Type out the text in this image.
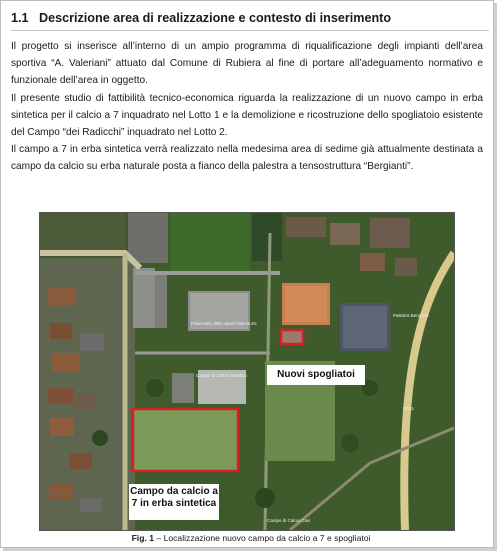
1.1 Descrizione area di realizzazione e contesto di inserimento

Il progetto si inserisce all’interno di un ampio programma di riqualificazione degli impianti dell’area sportiva “A. Valeriani” attuato dal Comune di Rubiera al fine di portare all’adeguamento normativo e funzionale dell’area in oggetto.

Il presente studio di fattibilità tecnico-economica riguarda la realizzazione di un nuovo campo in erba sintetica per il calcio a 7 inquadrato nel Lotto 1 e la demolizione e ricostruzione dello spogliatoio esistente del Campo “dei Radicchi” inquadrato nel Lotto 2.

Il campo a 7 in erba sintetica verrà realizzato nella medesima area di sedime già attualmente destinata a campo da calcio su erba naturale posta a fianco della palestra a tensostruttura “Bergianti”.

Palazzetto dello Sport Pala Bursi
Campo di Calcio sintetico
Palestra Bergianti
Campo di Calcio Cavi
SP51
Nuovi spogliatoi
Campo da calcio a
7 in erba sintetica
Fig. 1 – Localizzazione nuovo campo da calcio a 7 e spogliatoi
